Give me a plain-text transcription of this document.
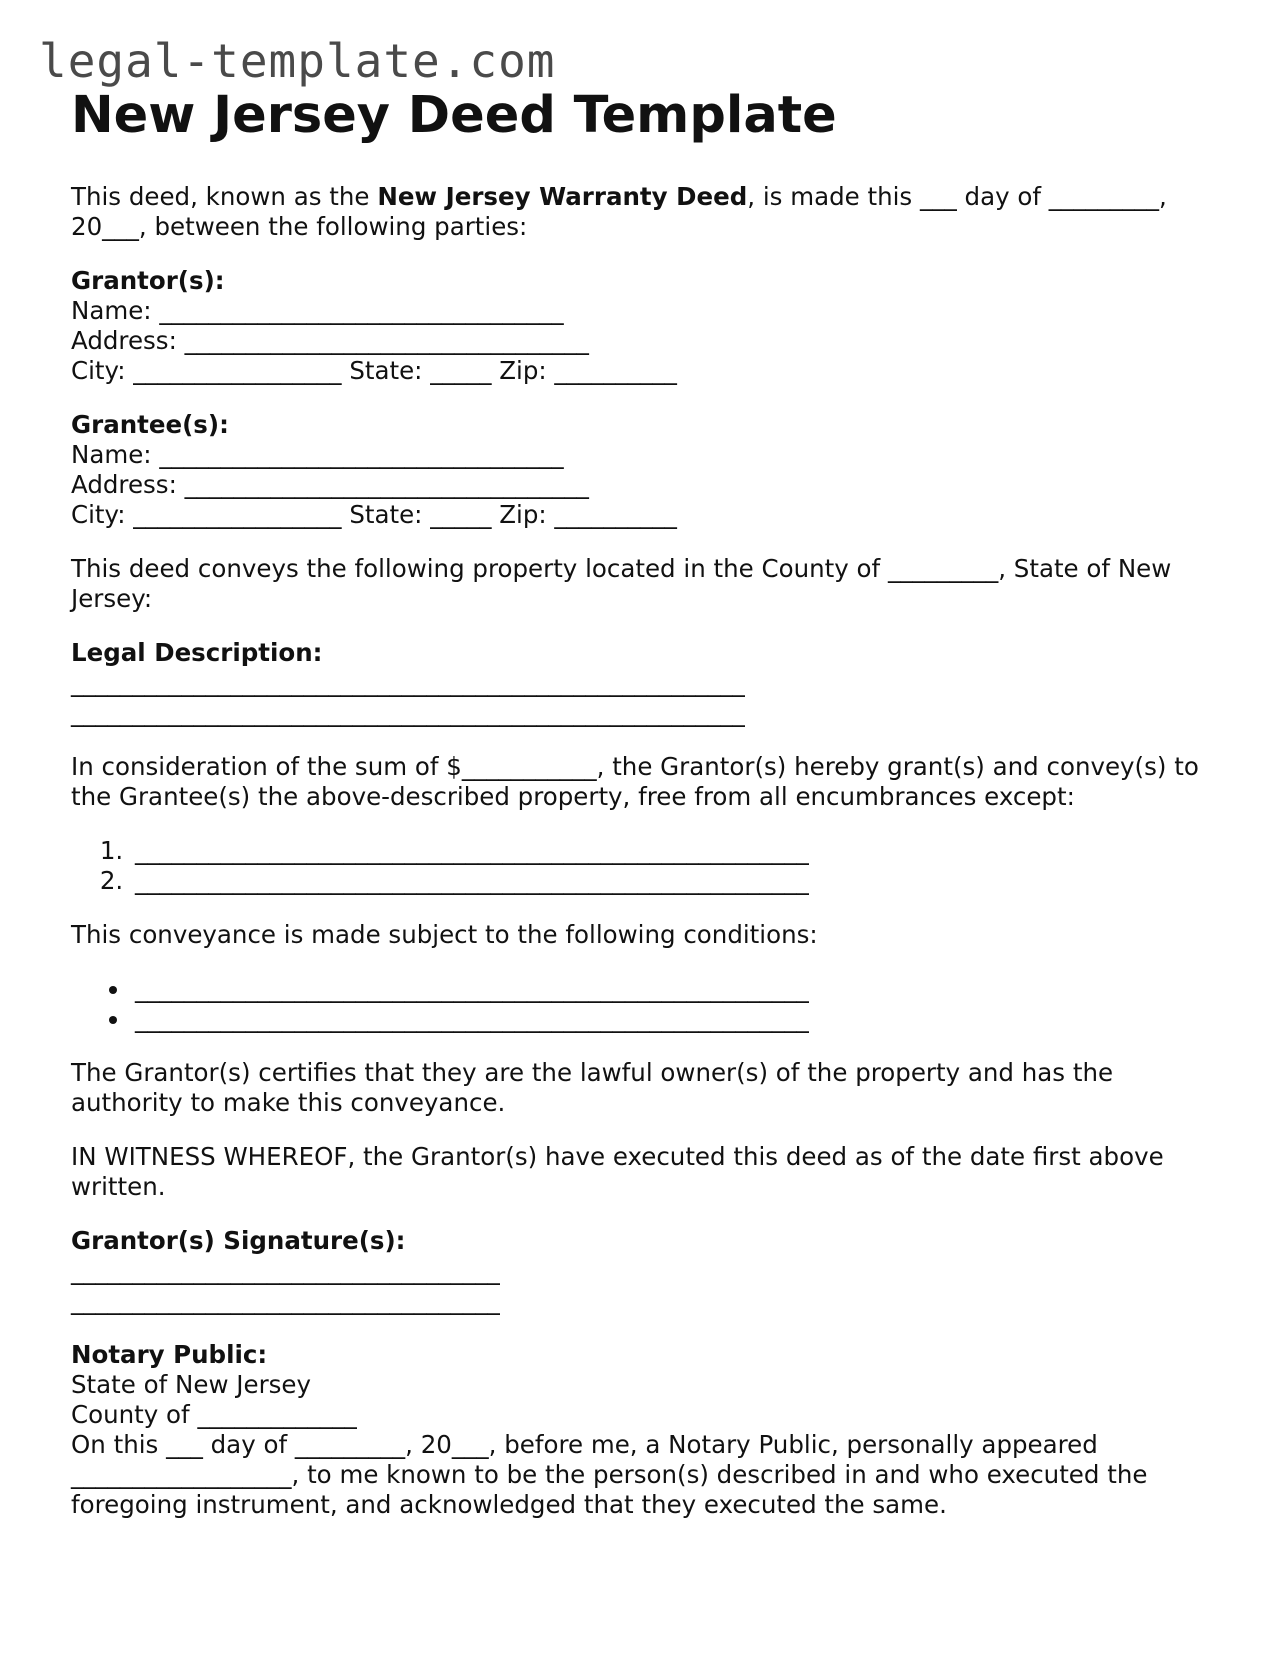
legal-template.com
New Jersey Deed Template

This deed, known as the New Jersey Warranty Deed, is made this ___ day of _________, 20___, between the following parties:

Grantor(s):
Name: _________________________________
Address: _________________________________
City: _________________ State: _____ Zip: __________
Grantee(s):
Name: _________________________________
Address: _________________________________
City: _________________ State: _____ Zip: __________

This deed conveys the following property located in the County of _________, State of New Jersey:

Legal Description:
_______________________________________________________
_______________________________________________________

In consideration of the sum of $___________, the Grantor(s) hereby grant(s) and convey(s) to the Grantee(s) the above-described property, free from all encumbrances except:

1. _______________________________________________________
2. _______________________________________________________

This conveyance is made subject to the following conditions:

• _______________________________________________________
• _______________________________________________________

The Grantor(s) certifies that they are the lawful owner(s) of the property and has the authority to make this conveyance.

IN WITNESS WHEREOF, the Grantor(s) have executed this deed as of the date first above written.

Grantor(s) Signature(s):
___________________________________
___________________________________
Notary Public:
State of New Jersey
County of _____________
On this ___ day of _________, 20___, before me, a Notary Public, personally appeared __________________, to me known to be the person(s) described in and who executed the foregoing instrument, and acknowledged that they executed the same.
